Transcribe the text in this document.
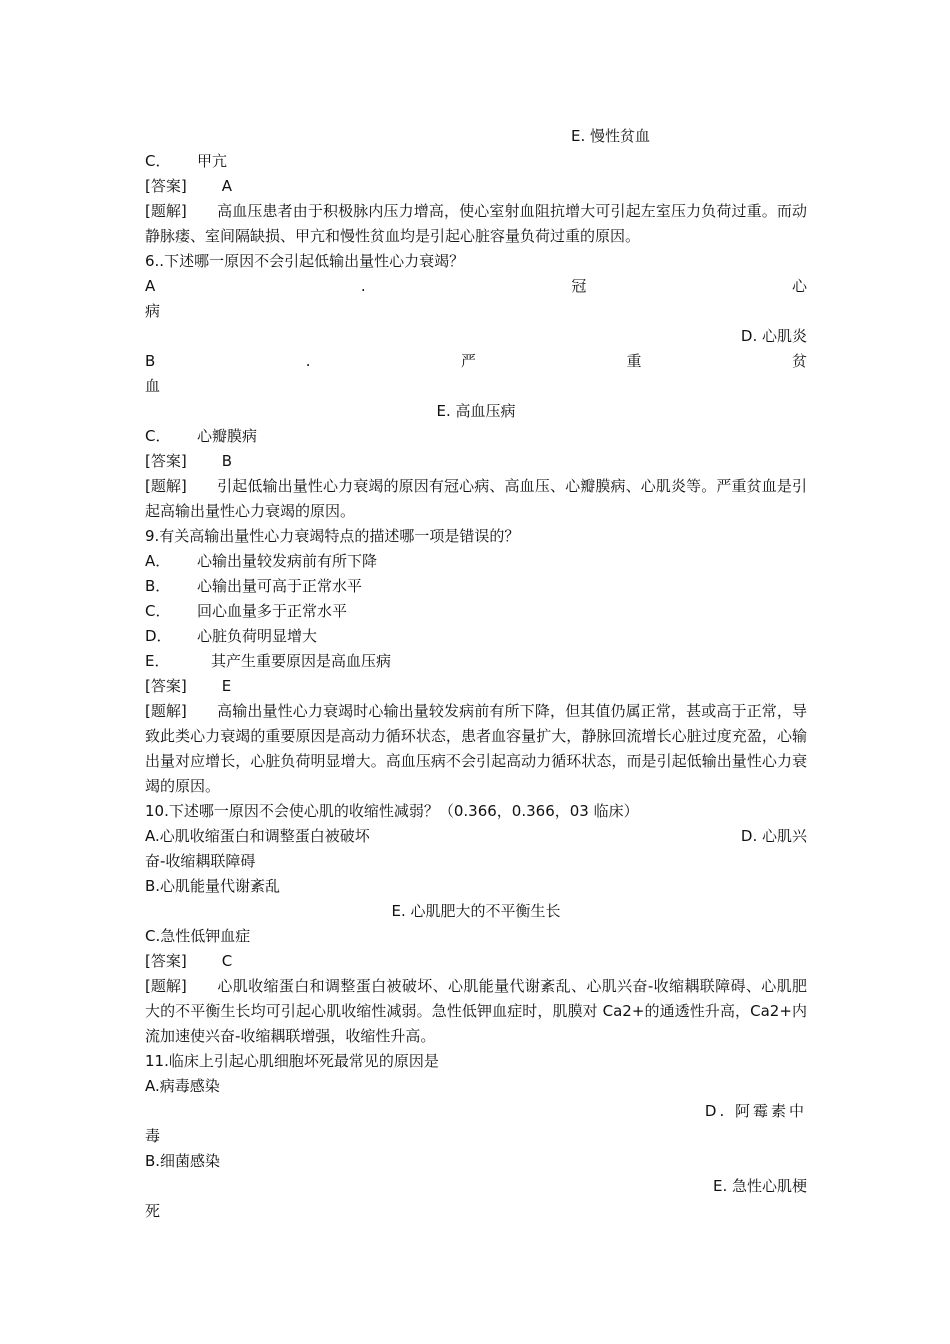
E. 慢性贫血
C． 甲亢
[答案] A
[题解] 高血压患者由于积极脉内压力增高，使心室射血阻抗增大可引起左室压力负荷过重。而动静脉瘘、室间隔缺损、甲亢和慢性贫血均是引起心脏容量负荷过重的原因。
6..下述哪一原因不会引起低输出量性心力衰竭？
A	.	冠	心
病
D. 心肌炎
B	.	严	重	贫
血
E. 高血压病
C． 心瓣膜病
[答案] B
[题解] 引起低输出量性心力衰竭的原因有冠心病、高血压、心瓣膜病、心肌炎等。严重贫血是引起高输出量性心力衰竭的原因。
9.有关高输出量性心力衰竭特点的描述哪一项是错误的？
A． 心输出量较发病前有所下降
B． 心输出量可高于正常水平
C． 回心血量多于正常水平
D． 心脏负荷明显增大
E．	其产生重要原因是高血压病
[答案] E
[题解] 高输出量性心力衰竭时心输出量较发病前有所下降，但其值仍属正常，甚或高于正常，导致此类心力衰竭的重要原因是高动力循环状态，患者血容量扩大，静脉回流增长心脏过度充盈，心输出量对应增长，心脏负荷明显增大。高血压病不会引起高动力循环状态，而是引起低输出量性心力衰竭的原因。
10.下述哪一原因不会使心肌的收缩性减弱？（0.366，0.366，03 临床）
A.心肌收缩蛋白和调整蛋白被破坏	D. 心肌兴
奋-收缩耦联障碍
B.心肌能量代谢紊乱
E. 心肌肥大的不平衡生长
C.急性低钾血症
[答案] C
[题解] 心肌收缩蛋白和调整蛋白被破坏、心肌能量代谢紊乱、心肌兴奋-收缩耦联障碍、心肌肥大的不平衡生长均可引起心肌收缩性减弱。急性低钾血症时，肌膜对 Ca2+的通透性升高，Ca2+内流加速使兴奋-收缩耦联增强，收缩性升高。
11.临床上引起心肌细胞坏死最常见的原因是
A.病毒感染
D. 阿霉素中
毒
B.细菌感染
E. 急性心肌梗
死
